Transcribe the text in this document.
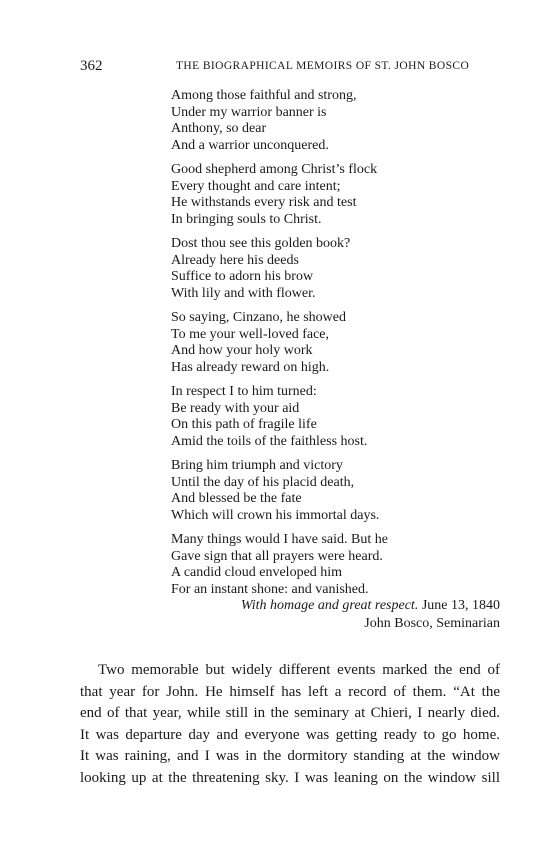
362	THE BIOGRAPHICAL MEMOIRS OF ST. JOHN BOSCO
Among those faithful and strong,
Under my warrior banner is
Anthony, so dear
And a warrior unconquered.
Good shepherd among Christ’s flock
Every thought and care intent;
He withstands every risk and test
In bringing souls to Christ.
Dost thou see this golden book?
Already here his deeds
Suffice to adorn his brow
With lily and with flower.
So saying, Cinzano, he showed
To me your well-loved face,
And how your holy work
Has already reward on high.
In respect I to him turned:
Be ready with your aid
On this path of fragile life
Amid the toils of the faithless host.
Bring him triumph and victory
Until the day of his placid death,
And blessed be the fate
Which will crown his immortal days.
Many things would I have said. But he
Gave sign that all prayers were heard.
A candid cloud enveloped him
For an instant shone: and vanished.
With homage and great respect. June 13, 1840
John Bosco, Seminarian
Two memorable but widely different events marked the end of
that year for John. He himself has left a record of them. “At the
end of that year, while still in the seminary at Chieri, I nearly died.
It was departure day and everyone was getting ready to go home.
It was raining, and I was in the dormitory standing at the window
looking up at the threatening sky. I was leaning on the window sill
